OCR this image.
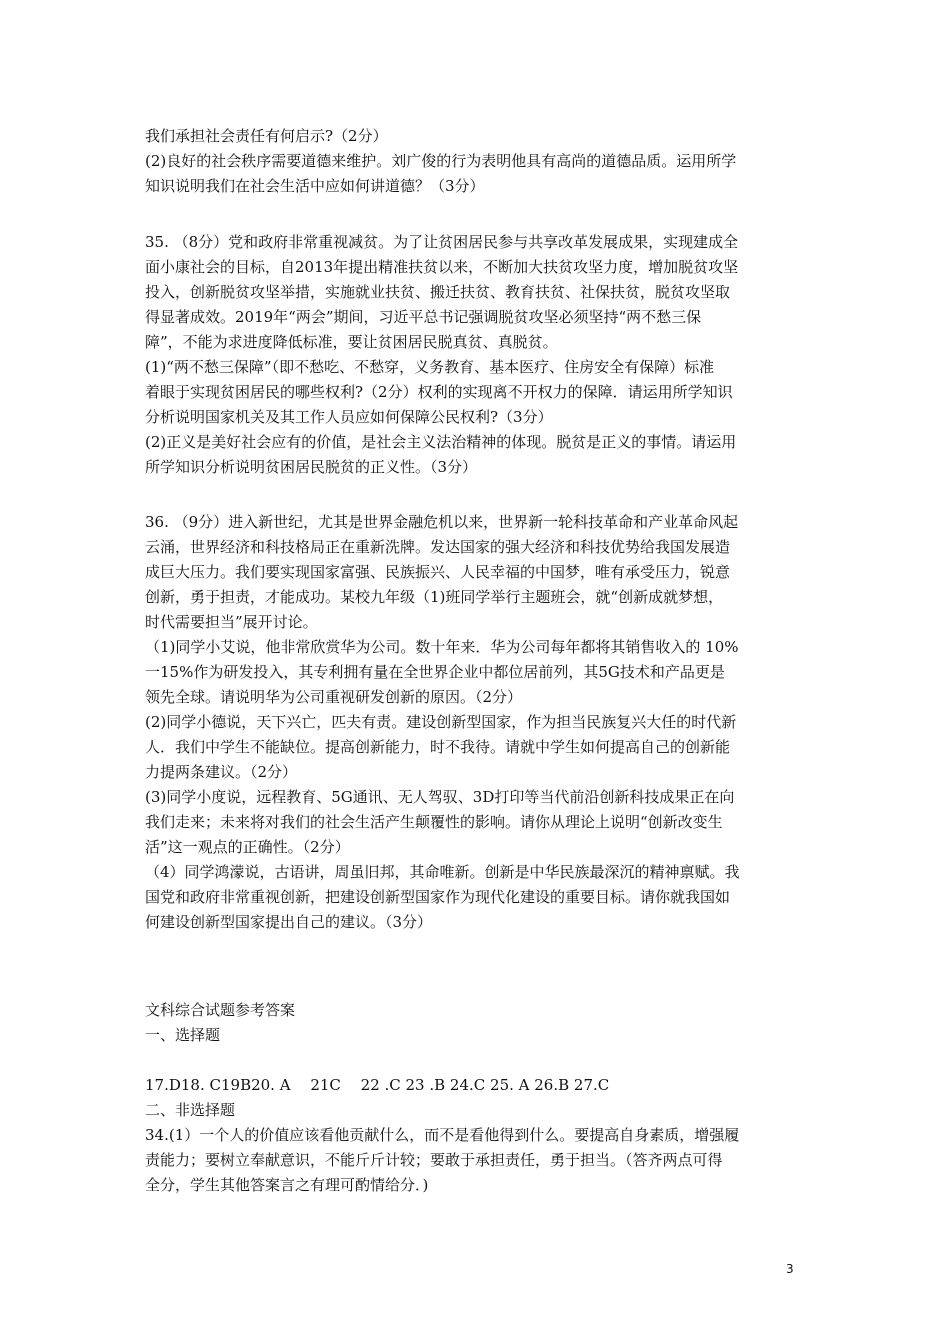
我们承担社会责任有何启示?（2分）
(2)良好的社会秩序需要道德来维护。刘广俊的行为表明他具有高尚的道德品质。运用所学
知识说明我们在社会生活中应如何讲道德？（3分）
35. （8分）党和政府非常重视减贫。为了让贫困居民参与共享改革发展成果，实现建成全
面小康社会的目标，自2013年提出精准扶贫以来，不断加大扶贫攻坚力度，增加脱贫攻坚
投入，创新脱贫攻坚举措，实施就业扶贫、搬迁扶贫、教育扶贫、社保扶贫，脱贫攻坚取
得显著成效。2019年“两会”期间，习近平总书记强调脱贫攻坚必须坚持“两不愁三保
障”，不能为求进度降低标准，要让贫困居民脱真贫、真脱贫。
(1)“两不愁三保障”（即不愁吃、不愁穿，义务教育、基本医疗、住房安全有保障）标准
着眼于实现贫困居民的哪些权利?（2分）权利的实现离不开权力的保障．请运用所学知识
分析说明国家机关及其工作人员应如何保障公民权利?（3分）
(2)正义是美好社会应有的价值，是社会主义法治精神的体现。脱贫是正义的事情。请运用
所学知识分析说明贫困居民脱贫的正义性。（3分）
36. （9分）进入新世纪，尤其是世界金融危机以来，世界新一轮科技革命和产业革命风起
云涌，世界经济和科技格局正在重新洗牌。发达国家的强大经济和科技优势给我国发展造
成巨大压力。我们要实现国家富强、民族振兴、人民幸福的中国梦，唯有承受压力，锐意
创新，勇于担责，才能成功。某校九年级（1)班同学举行主题班会，就“创新成就梦想，
时代需要担当”展开讨论。
（1)同学小艾说，他非常欣赏华为公司。数十年来．华为公司每年都将其销售收入的 10%
一15%作为研发投入，其专利拥有量在全世界企业中都位居前列，其5G技术和产品更是
领先全球。请说明华为公司重视研发创新的原因。（2分）
(2)同学小德说，天下兴亡，匹夫有责。建设创新型国家，作为担当民族复兴大任的时代新
人．我们中学生不能缺位。提高创新能力，时不我待。请就中学生如何提高自己的创新能
力提两条建议。（2分）
(3)同学小度说，远程教育、5G通讯、无人驾驭、3D打印等当代前沿创新科技成果正在向
我们走来；未来将对我们的社会生活产生颠覆性的影响。请你从理论上说明“创新改变生
活”这一观点的正确性。（2分）
（4）同学鸿濛说，古语讲，周虽旧邦，其命唯新。创新是中华民族最深沉的精神禀赋。我
国党和政府非常重视创新，把建设创新型国家作为现代化建设的重要目标。请你就我国如
何建设创新型国家提出自己的建议。（3分）
文科综合试题参考答案
一、选择题
17.D18. C19B20. A　 21C　 22 .C 23 .B 24.C 25. A 26.B 27.C
二、非选择题
34.(1）一个人的价值应该看他贡献什么，而不是看他得到什么。要提高自身素质，增强履
责能力；要树立奉献意识，不能斤斤计较；要敢于承担责任，勇于担当。（答齐两点可得
全分，学生其他答案言之有理可酌情给分．)
3
